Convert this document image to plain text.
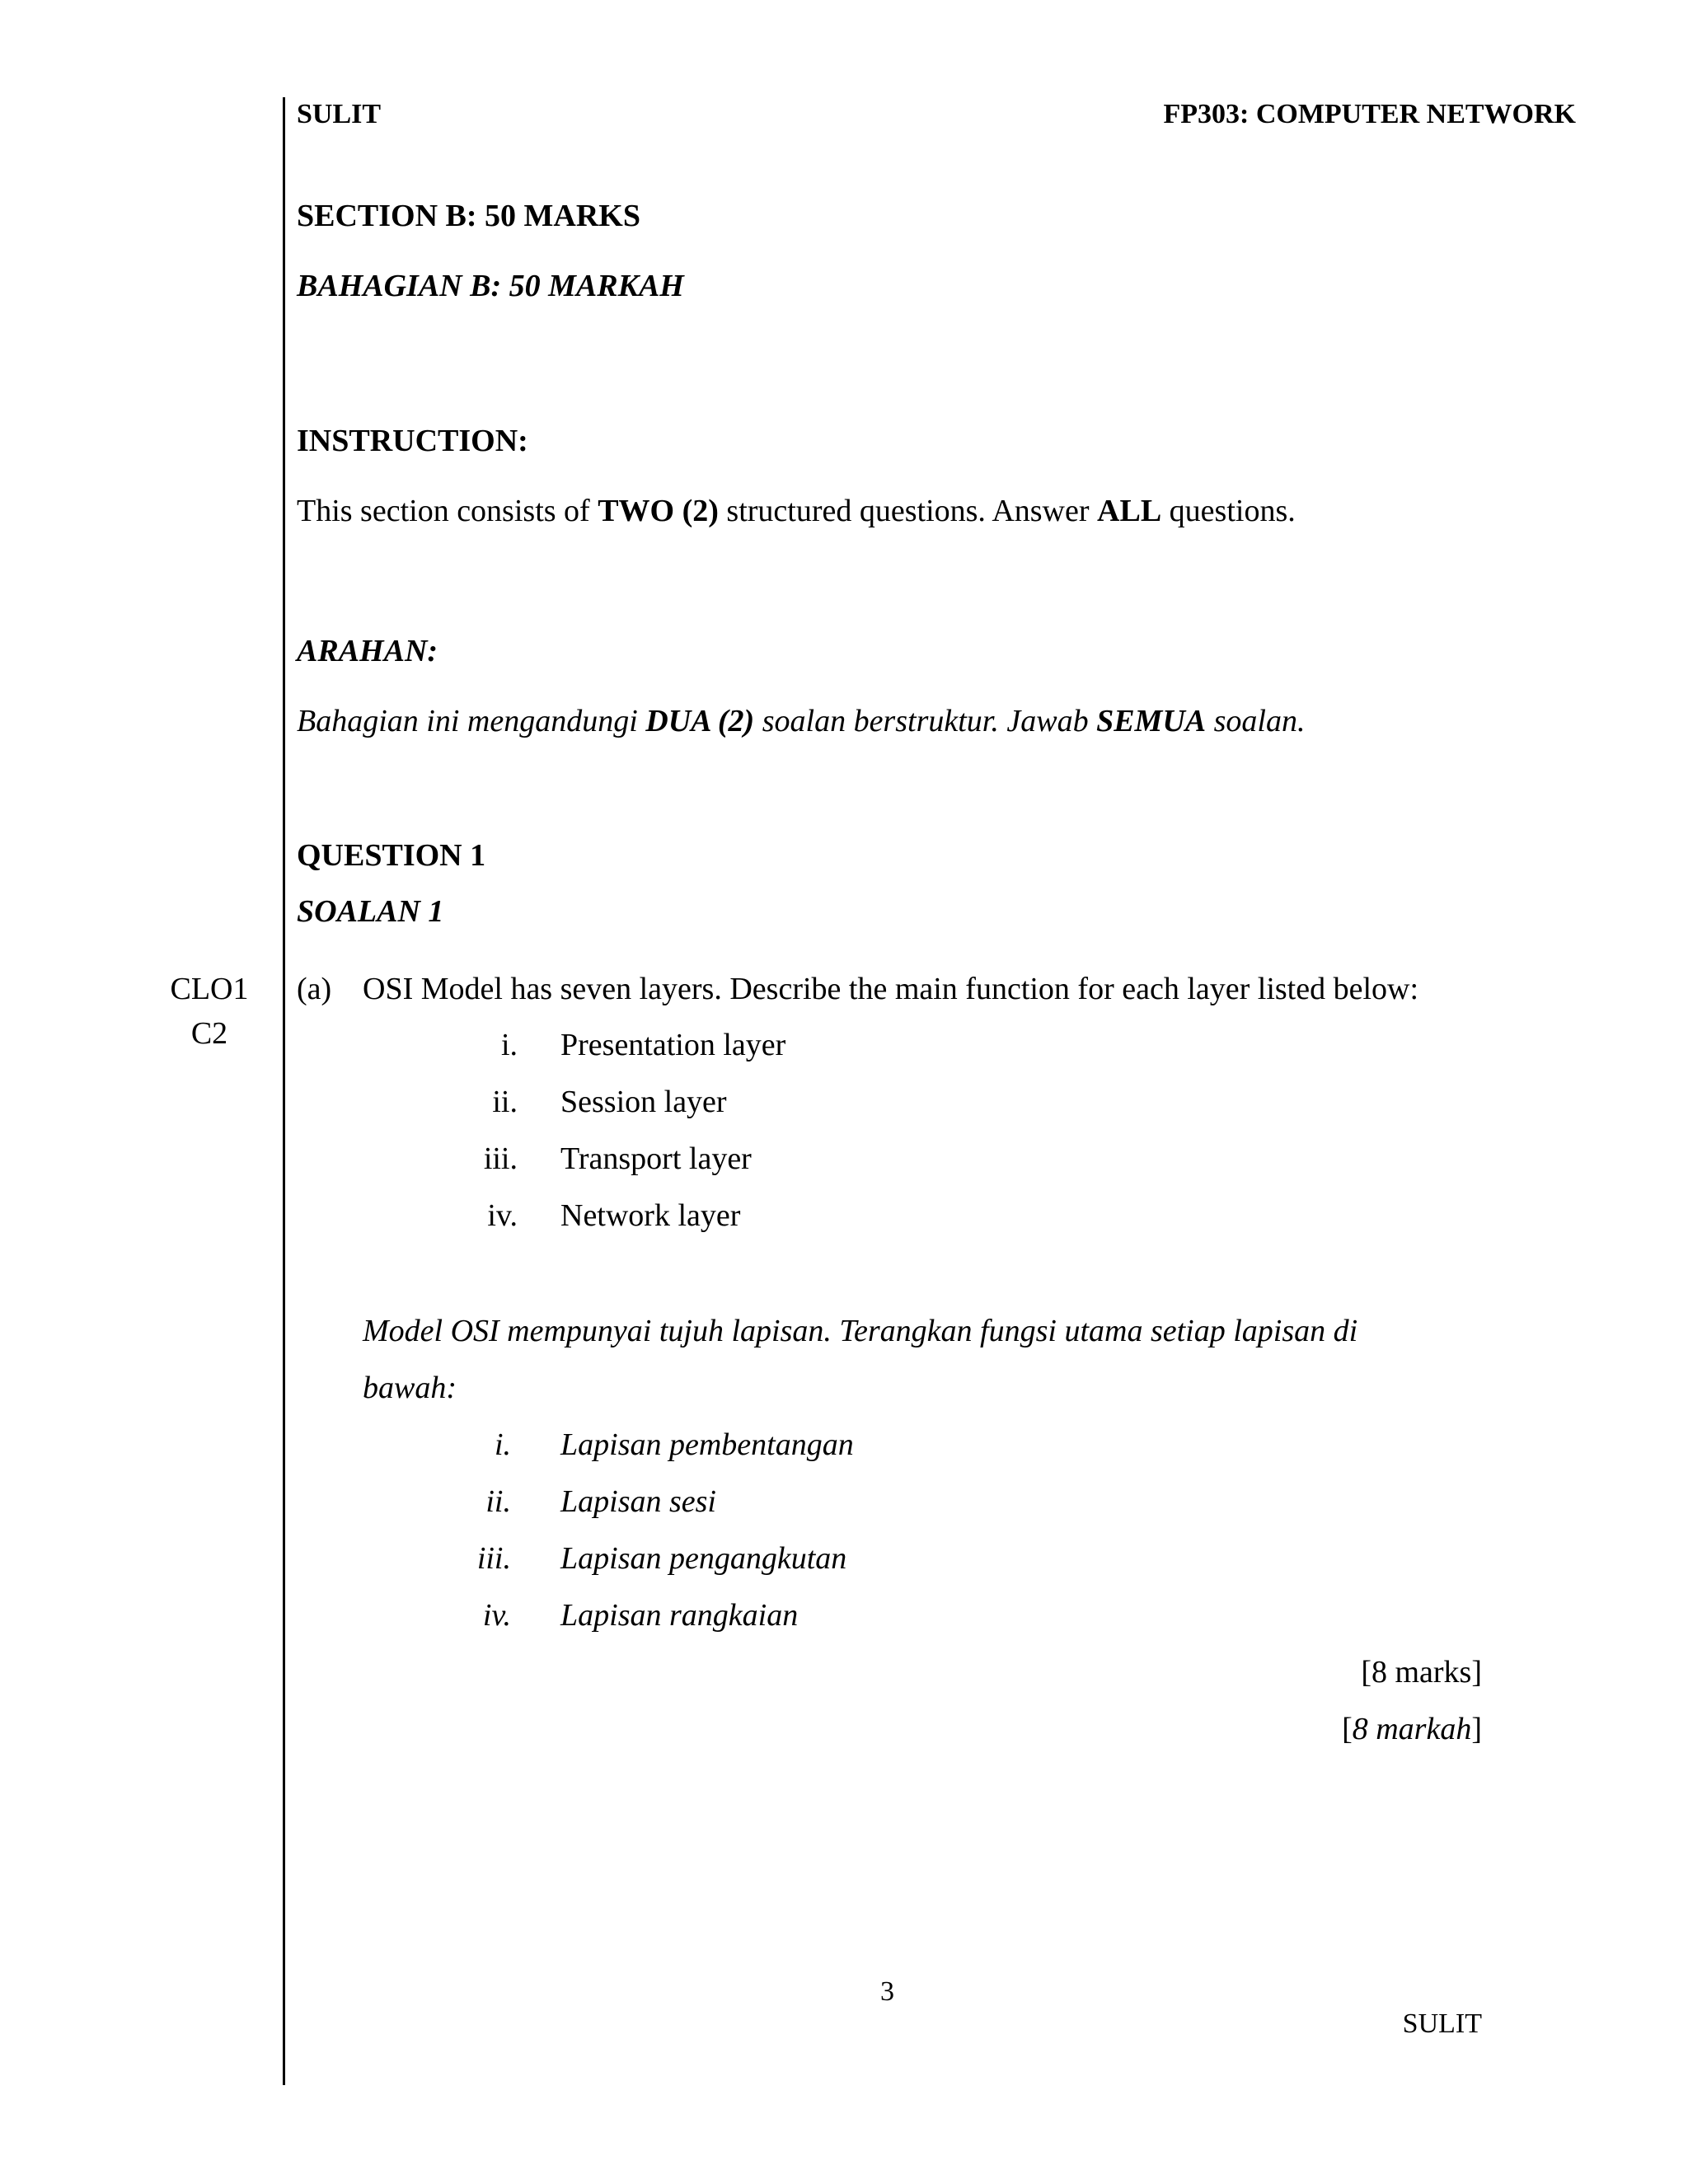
SULIT	FP303: COMPUTER NETWORK
SECTION B: 50 MARKS
BAHAGIAN B: 50 MARKAH
INSTRUCTION:
This section consists of TWO (2) structured questions. Answer ALL questions.
ARAHAN:
Bahagian ini mengandungi DUA (2) soalan berstruktur. Jawab SEMUA soalan.
QUESTION 1
SOALAN 1
CLO1
C2
(a) OSI Model has seven layers. Describe the main function for each layer listed below:
i. Presentation layer
ii. Session layer
iii. Transport layer
iv. Network layer
Model OSI mempunyai tujuh lapisan. Terangkan fungsi utama setiap lapisan di
bawah:
i. Lapisan pembentangan
ii. Lapisan sesi
iii. Lapisan pengangkutan
iv. Lapisan rangkaian
[8 marks]
[8 markah]
3
SULIT
